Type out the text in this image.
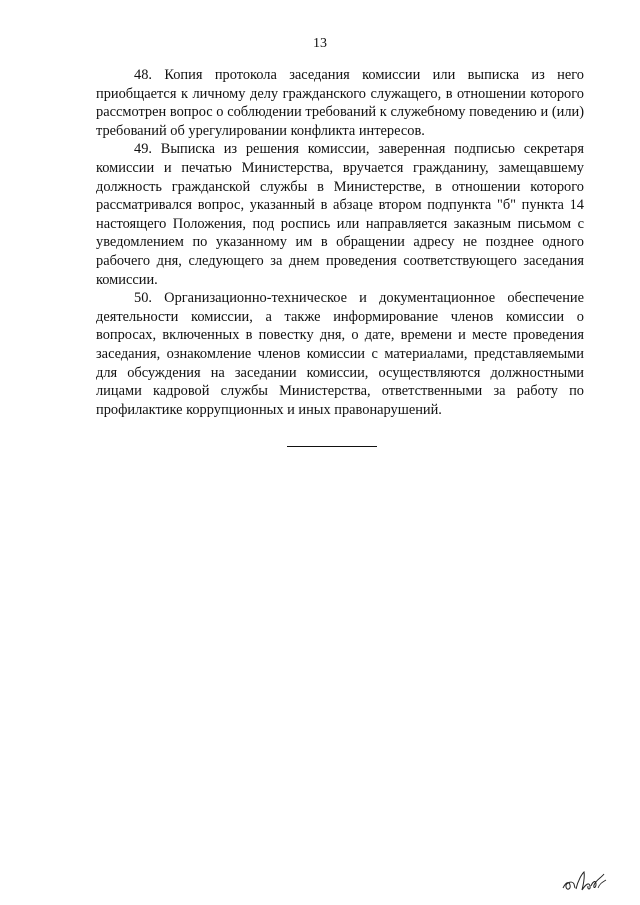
13

48. Копия протокола заседания комиссии или выписка из него приобщается к личному делу гражданского служащего, в отношении которого рассмотрен вопрос о соблюдении требований к служебному поведению и (или) требований об урегулировании конфликта интересов.

49. Выписка из решения комиссии, заверенная подписью секретаря комиссии и печатью Министерства, вручается гражданину, замещавшему должность гражданской службы в Министерстве, в отношении которого рассматривался вопрос, указанный в абзаце втором подпункта "б" пункта 14 настоящего Положения, под роспись или направляется заказным письмом с уведомлением по указанному им в обращении адресу не позднее одного рабочего дня, следующего за днем проведения соответствующего заседания комиссии.

50. Организационно-техническое и документационное обеспечение деятельности комиссии, а также информирование членов комиссии о вопросах, включенных в повестку дня, о дате, времени и месте проведения заседания, ознакомление членов комиссии с материалами, представляемыми для обсуждения на заседании комиссии, осуществляются должностными лицами кадровой службы Министерства, ответственными за работу по профилактике коррупционных и иных правонарушений.
